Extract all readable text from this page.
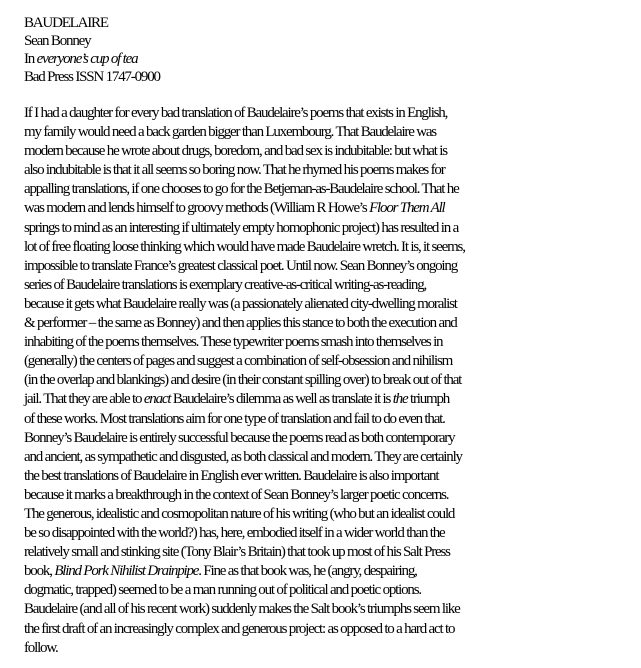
BAUDELAIRE
Sean Bonney
In everyone’s cup of tea
Bad Press ISSN 1747-0900
If I had a daughter for every bad translation of Baudelaire’s poems that exists in English,
my family would need a back garden bigger than Luxembourg. That Baudelaire was
modern because he wrote about drugs, boredom, and bad sex is indubitable: but what is
also indubitable is that it all seems so boring now. That he rhymed his poems makes for
appalling translations, if one chooses to go for the Betjeman-as-Baudelaire school. That he
was modern and lends himself to groovy methods (William R Howe’s Floor Them All
springs to mind as an interesting if ultimately empty homophonic project) has resulted in a
lot of free floating loose thinking which would have made Baudelaire wretch. It is, it seems,
impossible to translate France’s greatest classical poet. Until now. Sean Bonney’s ongoing
series of Baudelaire translations is exemplary creative-as-critical writing-as-reading,
because it gets what Baudelaire really was (a passionately alienated city-dwelling moralist
& performer – the same as Bonney) and then applies this stance to both the execution and
inhabiting of the poems themselves. These typewriter poems smash into themselves in
(generally) the centers of pages and suggest a combination of self-obsession and nihilism
(in the overlap and blankings) and desire (in their constant spilling over) to break out of that
jail. That they are able to enact Baudelaire’s dilemma as well as translate it is the triumph
of these works. Most translations aim for one type of translation and fail to do even that.
Bonney’s Baudelaire is entirely successful because the poems read as both contemporary
and ancient, as sympathetic and disgusted, as both classical and modern. They are certainly
the best translations of Baudelaire in English ever written. Baudelaire is also important
because it marks a breakthrough in the context of Sean Bonney’s larger poetic concerns.
The generous, idealistic and cosmopolitan nature of his writing (who but an idealist could
be so disappointed with the world?) has, here, embodied itself in a wider world than the
relatively small and stinking site (Tony Blair’s Britain) that took up most of his Salt Press
book, Blind Pork Nihilist Drainpipe. Fine as that book was, he (angry, despairing,
dogmatic, trapped) seemed to be a man running out of political and poetic options.
Baudelaire (and all of his recent work) suddenly makes the Salt book’s triumphs seem like
the first draft of an increasingly complex and generous project: as opposed to a hard act to
follow.
